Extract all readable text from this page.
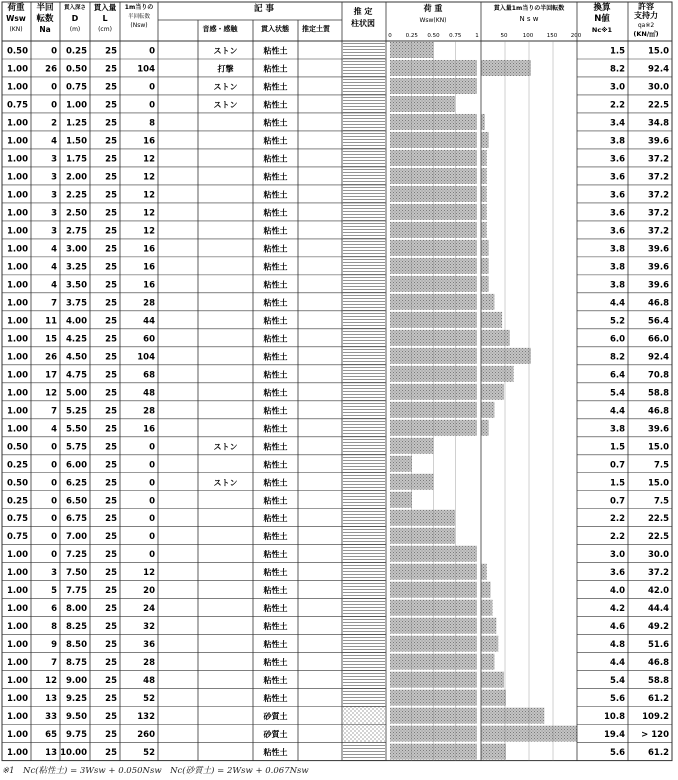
荷重
Wsw
(KN)
半回
転数
Na
貫入深さ
D
(m)
貫入量
L
(cm)
1m当りの
半回転数
(Nsw)
記 事
音感・感触	貫入状態 推定土質
推 定
柱状図
荷 重
Wsw(KN)
貫入量1m当りの半回転数
N s w
換算
N値
Nc※1
許容
支持力
qa※2
(KN/㎡)
0	0.25 0.50 0.75	1	50	100 150 200
0.50	0 0.25 25	0	ストン	粘性土	1.5	15.0
1.00 26 0.50 25 104	打撃	粘性土	8.2	92.4
1.00	0 0.75 25	0	ストン	粘性土	3.0	30.0
0.75	0 1.00 25	0	ストン	粘性土	2.2	22.5
1.00	2 1.25 25	8	粘性土	3.4	34.8
1.00	4 1.50 25	16	粘性土	3.8	39.6
1.00	3 1.75 25	12	粘性土	3.6	37.2
1.00	3 2.00 25	12	粘性土	3.6	37.2
1.00	3 2.25 25	12	粘性土	3.6	37.2
1.00	3 2.50 25	12	粘性土	3.6	37.2
1.00	3 2.75 25	12	粘性土	3.6	37.2
1.00	4 3.00 25	16	粘性土	3.8	39.6
1.00	4 3.25 25	16	粘性土	3.8	39.6
1.00	4 3.50 25	16	粘性土	3.8	39.6
1.00	7 3.75 25	28	粘性土	4.4	46.8
1.00 11 4.00 25	44	粘性土	5.2	56.4
1.00 15 4.25 25	60	粘性土	6.0	66.0
1.00 26 4.50 25 104	粘性土	8.2	92.4
1.00 17 4.75 25	68	粘性土	6.4	70.8
1.00 12 5.00 25	48	粘性土	5.4	58.8
1.00	7 5.25 25	28	粘性土	4.4	46.8
1.00	4 5.50 25	16	粘性土	3.8	39.6
0.50	0 5.75 25	0	ストン	粘性土	1.5	15.0
0.25	0 6.00 25	0	粘性土	0.7	7.5
0.50	0 6.25 25	0	ストン	粘性土	1.5	15.0
0.25	0 6.50 25	0	粘性土	0.7	7.5
0.75	0 6.75 25	0	粘性土	2.2	22.5
0.75	0 7.00 25	0	粘性土	2.2	22.5
1.00	0 7.25 25	0	粘性土	3.0	30.0
1.00	3 7.50 25	12	粘性土	3.6	37.2
1.00	5 7.75 25	20	粘性土	4.0	42.0
1.00	6 8.00 25	24	粘性土	4.2	44.4
1.00	8 8.25 25	32	粘性土	4.6	49.2
1.00	9 8.50 25	36	粘性土	4.8	51.6
1.00	7 8.75 25	28	粘性土	4.4	46.8
1.00 12 9.00 25	48	粘性土	5.4	58.8
1.00 13 9.25 25	52	粘性土	5.6	61.2
1.00 33 9.50 25 132	砂質土	10.8 109.2
1.00 65 9.75 25 260	砂質土	19.4 > 120
1.00 13 10.00 25	52	粘性土	5.6	61.2
※1　Nc(粘性土) = 3Wsw + 0.050Nsw　Nc(砂質土) = 2Wsw + 0.067Nsw
